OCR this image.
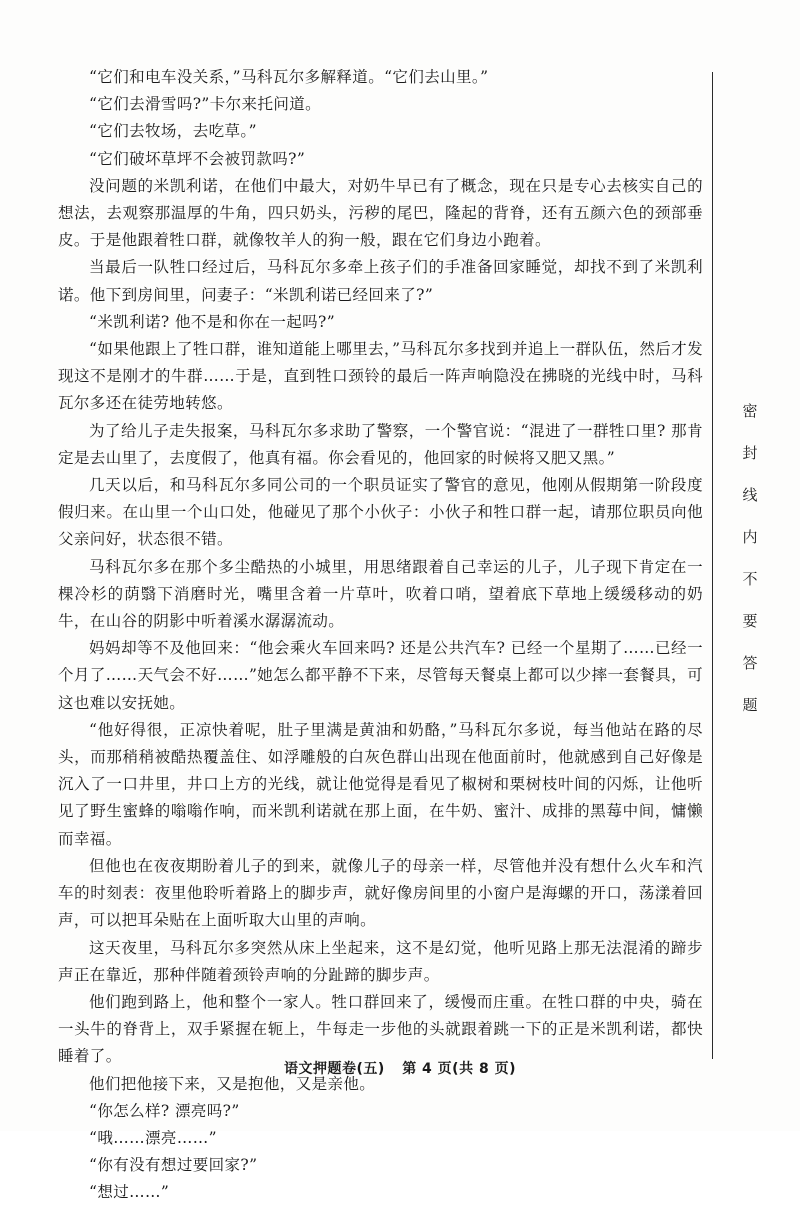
“它们和电车没关系，”马科瓦尔多解释道。“它们去山里。”

“它们去滑雪吗?”卡尔来托问道。

“它们去牧场，去吃草。”

“它们破坏草坪不会被罚款吗?”

没问题的米凯利诺，在他们中最大，对奶牛早已有了概念，现在只是专心去核实自己的想法，去观察那温厚的牛角，四只奶头，污秽的尾巴，隆起的背脊，还有五颜六色的颈部垂皮。于是他跟着牲口群，就像牧羊人的狗一般，跟在它们身边小跑着。

当最后一队牲口经过后，马科瓦尔多牵上孩子们的手准备回家睡觉，却找不到了米凯利诺。他下到房间里，问妻子：“米凯利诺已经回来了?”

“米凯利诺? 他不是和你在一起吗?”

“如果他跟上了牲口群，谁知道能上哪里去，”马科瓦尔多找到并追上一群队伍，然后才发现这不是刚才的牛群……于是，直到牲口颈铃的最后一阵声响隐没在拂晓的光线中时，马科瓦尔多还在徒劳地转悠。

为了给儿子走失报案，马科瓦尔多求助了警察，一个警官说：“混进了一群牲口里? 那肯定是去山里了，去度假了，他真有福。你会看见的，他回家的时候将又肥又黑。”

几天以后，和马科瓦尔多同公司的一个职员证实了警官的意见，他刚从假期第一阶段度假归来。在山里一个山口处，他碰见了那个小伙子：小伙子和牲口群一起，请那位职员向他父亲问好，状态很不错。

马科瓦尔多在那个多尘酷热的小城里，用思绪跟着自己幸运的儿子，儿子现下肯定在一棵冷杉的荫翳下消磨时光，嘴里含着一片草叶，吹着口哨，望着底下草地上缓缓移动的奶牛，在山谷的阴影中听着溪水潺潺流动。

妈妈却等不及他回来：“他会乘火车回来吗? 还是公共汽车? 已经一个星期了……已经一个月了……天气会不好……”她怎么都平静不下来，尽管每天餐桌上都可以少摔一套餐具，可这也难以安抚她。

“他好得很，正凉快着呢，肚子里满是黄油和奶酪，”马科瓦尔多说，每当他站在路的尽头，而那稍稍被酷热覆盖住、如浮雕般的白灰色群山出现在他面前时，他就感到自己好像是沉入了一口井里，井口上方的光线，就让他觉得是看见了椒树和栗树枝叶间的闪烁，让他听见了野生蜜蜂的嗡嗡作响，而米凯利诺就在那上面，在牛奶、蜜汁、成排的黑莓中间，慵懒而幸福。

但他也在夜夜期盼着儿子的到来，就像儿子的母亲一样，尽管他并没有想什么火车和汽车的时刻表：夜里他聆听着路上的脚步声，就好像房间里的小窗户是海螺的开口，荡漾着回声，可以把耳朵贴在上面听取大山里的声响。

这天夜里，马科瓦尔多突然从床上坐起来，这不是幻觉，他听见路上那无法混淆的蹄步声正在靠近，那种伴随着颈铃声响的分趾蹄的脚步声。

他们跑到路上，他和整个一家人。牲口群回来了，缓慢而庄重。在牲口群的中央，骑在一头牛的脊背上，双手紧握在轭上，牛每走一步他的头就跟着跳一下的正是米凯利诺，都快睡着了。

他们把他接下来，又是抱他，又是亲他。

“你怎么样? 漂亮吗?”

“哦……漂亮……”

“你有没有想过要回家?”

“想过……”

密
封
线
内
不
要
答
题
语文押题卷(五) 第 4 页(共 8 页)
